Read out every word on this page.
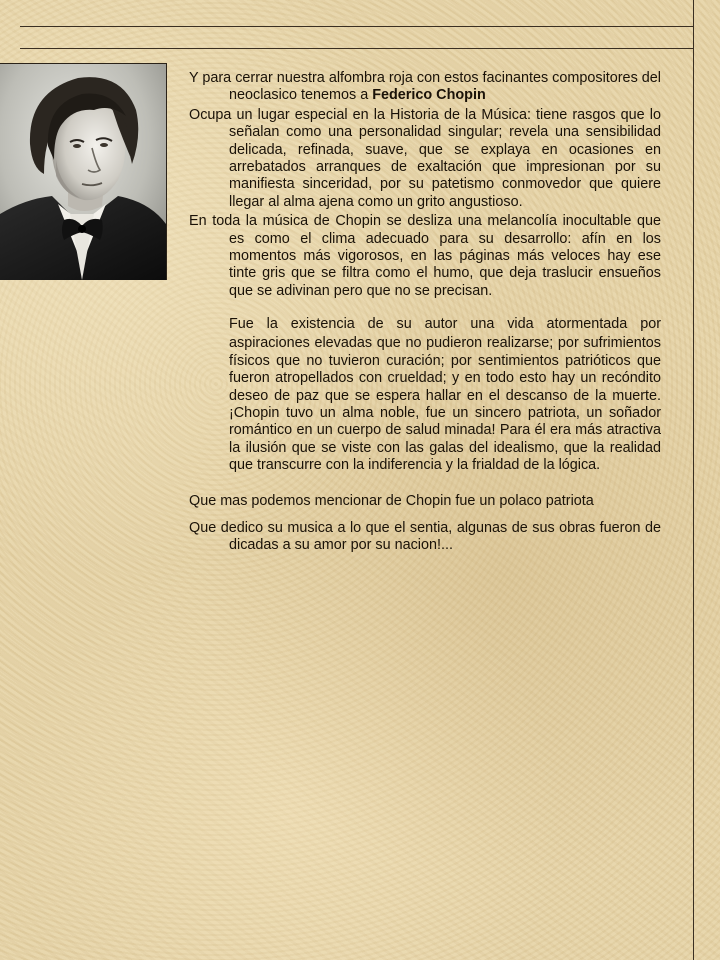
Y para cerrar nuestra alfombra roja con estos facinantes compositores del neoclasico tenemos a Federico Chopin

Ocupa un lugar especial en la Historia de la Música: tiene rasgos que lo señalan como una personalidad singular; revela una sensibilidad delicada, refinada, suave, que se explaya en ocasiones en arrebatados arranques de exaltación que impresionan por su manifiesta sinceridad, por su patetismo conmovedor que quiere llegar al alma ajena como un grito angustioso.

En toda la música de Chopin se desliza una melancolía inocultable que es como el clima adecuado para su desarrollo: afín en los momentos más vigorosos, en las páginas más veloces hay ese tinte gris que se filtra como el humo, que deja traslucir ensueños que se adivinan pero que no se precisan.

Fue la existencia de su autor una vida atormentada por aspiraciones elevadas que no pudieron realizarse; por sufrimientos físicos que no tuvieron curación; por sentimientos patrióticos que fueron atropellados con crueldad; y en todo esto hay un recóndito deseo de paz que se espera hallar en el descanso de la muerte. ¡Chopin tuvo un alma noble, fue un sincero patriota, un soñador romántico en un cuerpo de salud minada! Para él era más atractiva la ilusión que se viste con las galas del idealismo, que la realidad que transcurre con la indiferencia y la frialdad de la lógica.

Que mas podemos mencionar de Chopin fue un polaco patriota

Que dedico su musica a lo que el sentia, algunas de sus obras fueron de dicadas a su amor por su nacion!...
